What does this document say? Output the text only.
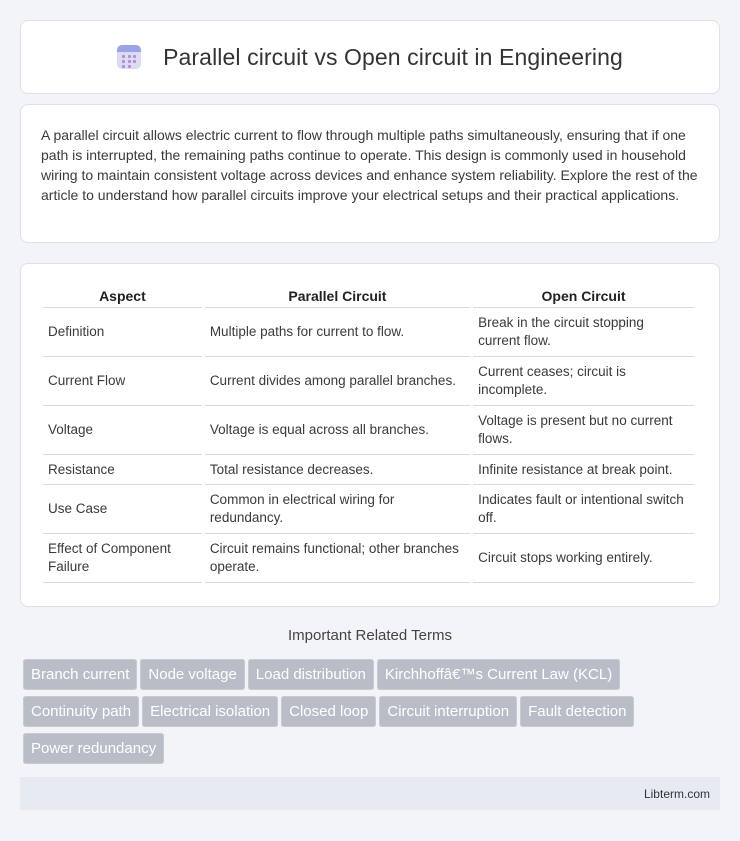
Parallel circuit vs Open circuit in Engineering

A parallel circuit allows electric current to flow through multiple paths simultaneously, ensuring that if one path is interrupted, the remaining paths continue to operate. This design is commonly used in household wiring to maintain consistent voltage across devices and enhance system reliability. Explore the rest of the article to understand how parallel circuits improve your electrical setups and their practical applications.

Aspect	Parallel Circuit	Open Circuit
Definition	Multiple paths for current to flow.	Break in the circuit stopping current flow.
Current Flow	Current divides among parallel branches.	Current ceases; circuit is incomplete.
Voltage	Voltage is equal across all branches.	Voltage is present but no current flows.
Resistance	Total resistance decreases.	Infinite resistance at break point.
Use Case	Common in electrical wiring for redundancy.	Indicates fault or intentional switch off.
Effect of Component Failure	Circuit remains functional; other branches operate.	Circuit stops working entirely.
Important Related Terms
Branch current Node voltage Load distribution Kirchhoffâ€™s Current Law (KCL)
Continuity path Electrical isolation Closed loop Circuit interruption Fault detection
Power redundancy
Libterm.com
